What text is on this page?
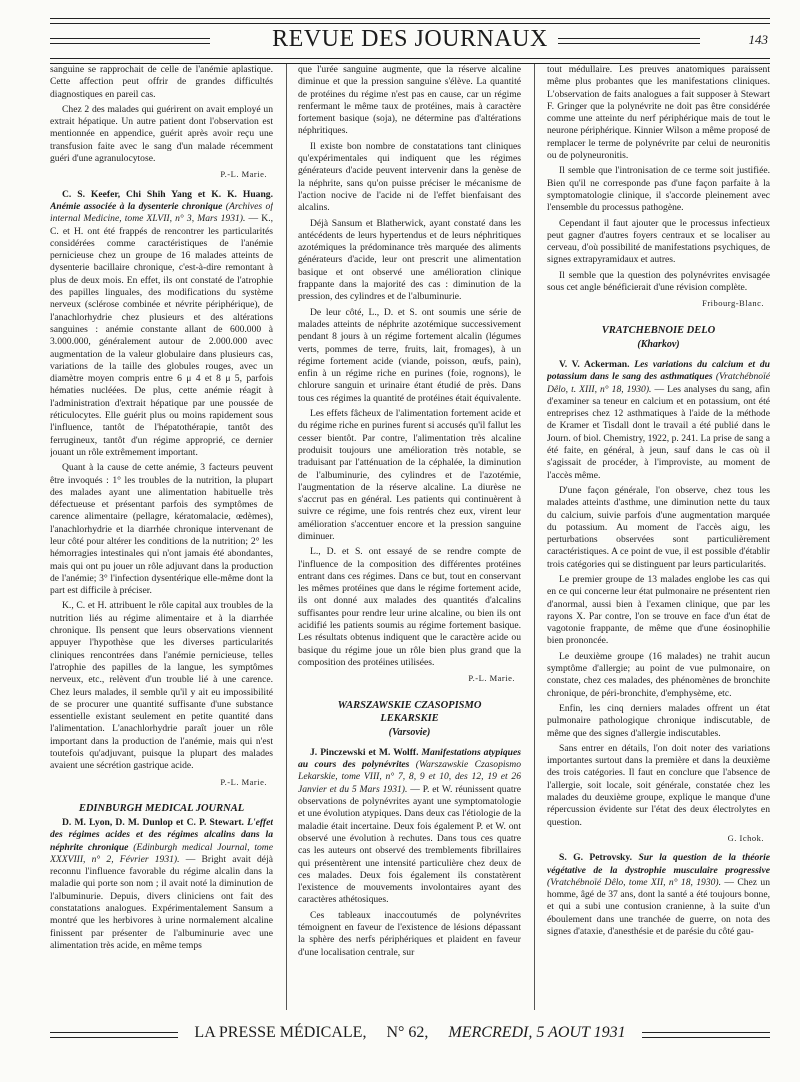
REVUE DES JOURNAUX	143

sanguine se rapprochait de celle de l'anémie aplastique. Cette affection peut offrir de grandes difficultés diagnostiques en pareil cas.

Chez 2 des malades qui guérirent on avait employé un extrait hépatique. Un autre patient dont l'observation est mentionnée en appendice, guérit après avoir reçu une transfusion faite avec le sang d'un malade récemment guéri d'une agranulocytose.

P.-L. Marie.

C. S. Keefer, Chi Shih Yang et K. K. Huang. Anémie associée à la dysenterie chronique (Archives of internal Medicine, tome XLVII, n° 3, Mars 1931). — K., C. et H. ont été frappés de rencontrer les particularités considérées comme caractéristiques de l'anémie pernicieuse chez un groupe de 16 malades atteints de dysenterie bacillaire chronique, c'est-à-dire remontant à plus de deux mois. En effet, ils ont constaté de l'atrophie des papilles linguales, des modifications du système nerveux (sclérose combinée et névrite périphérique), de l'anachlorhydrie chez plusieurs et des altérations sanguines : anémie constante allant de 600.000 à 3.000.000, généralement autour de 2.000.000 avec augmentation de la valeur globulaire dans plusieurs cas, variations de la taille des globules rouges, avec un diamètre moyen compris entre 6 μ 4 et 8 μ 5, parfois hématies nucléées. De plus, cette anémie réagit à l'administration d'extrait hépatique par une poussée de réticulocytes. Elle guérit plus ou moins rapidement sous l'influence, tantôt de l'hépatothérapie, tantôt des ferrugineux, tantôt d'un régime approprié, ce dernier jouant un rôle extrêmement important.

Quant à la cause de cette anémie, 3 facteurs peuvent être invoqués : 1° les troubles de la nutrition, la plupart des malades ayant une alimentation habituelle très défectueuse et présentant parfois des symptômes de carence alimentaire (pellagre, kératomalacie, œdèmes), l'anachlorhydrie et la diarrhée chronique intervenant de leur côté pour altérer les conditions de la nutrition; 2° les hémorragies intestinales qui n'ont jamais été abondantes, mais qui ont pu jouer un rôle adjuvant dans la production de l'anémie; 3° l'infection dysentérique elle-même dont la part est difficile à préciser.

K., C. et H. attribuent le rôle capital aux troubles de la nutrition liés au régime alimentaire et à la diarrhée chronique. Ils pensent que leurs observations viennent appuyer l'hypothèse que les diverses particularités cliniques rencontrées dans l'anémie pernicieuse, telles l'atrophie des papilles de la langue, les symptômes nerveux, etc., relèvent d'un trouble lié à une carence. Chez leurs malades, il semble qu'il y ait eu impossibilité de se procurer une quantité suffisante d'une substance essentielle existant seulement en petite quantité dans l'alimentation. L'anachlorhydrie paraît jouer un rôle important dans la production de l'anémie, mais qui n'est toutefois qu'adjuvant, puisque la plupart des malades avaient une sécrétion gastrique acide.

P.-L. Marie.
EDINBURGH MEDICAL JOURNAL

D. M. Lyon, D. M. Dunlop et C. P. Stewart. L'effet des régimes acides et des régimes alcalins dans la néphrite chronique (Edinburgh medical Journal, tome XXXVIII, n° 2, Février 1931). — Bright avait déjà reconnu l'influence favorable du régime alcalin dans la maladie qui porte son nom ; il avait noté la diminution de l'albuminurie. Depuis, divers cliniciens ont fait des constatations analogues. Expérimentalement Sansum a montré que les herbivores à urine normalement alcaline finissent par présenter de l'albuminurie avec une alimentation très acide, en même temps

que l'urée sanguine augmente, que la réserve alcaline diminue et que la pression sanguine s'élève. La quantité de protéines du régime n'est pas en cause, car un régime renfermant le même taux de protéines, mais à caractère fortement basique (soja), ne détermine pas d'altérations néphritiques.

Il existe bon nombre de constatations tant cliniques qu'expérimentales qui indiquent que les régimes générateurs d'acide peuvent intervenir dans la genèse de la néphrite, sans qu'on puisse préciser le mécanisme de l'action nocive de l'acide ni de l'effet bienfaisant des alcalins.

Déjà Sansum et Blatherwick, ayant constaté dans les antécédents de leurs hypertendus et de leurs néphritiques azotémiques la prédominance très marquée des aliments générateurs d'acide, leur ont prescrit une alimentation basique et ont observé une amélioration clinique frappante dans la majorité des cas : diminution de la pression, des cylindres et de l'albuminurie.

De leur côté, L., D. et S. ont soumis une série de malades atteints de néphrite azotémique successivement pendant 8 jours à un régime fortement alcalin (légumes verts, pommes de terre, fruits, lait, fromages), à un régime fortement acide (viande, poisson, œufs, pain), enfin à un régime riche en purines (foie, rognons), le chlorure sanguin et urinaire étant étudié de près. Dans tous ces régimes la quantité de protéines était équivalente.

Les effets fâcheux de l'alimentation fortement acide et du régime riche en purines furent si accusés qu'il fallut les cesser bientôt. Par contre, l'alimentation très alcaline produisit toujours une amélioration très notable, se traduisant par l'atténuation de la céphalée, la diminution de l'albuminurie, des cylindres et de l'azotémie, l'augmentation de la réserve alcaline. La diurèse ne s'accrut pas en général. Les patients qui continuèrent à suivre ce régime, une fois rentrés chez eux, virent leur amélioration s'accentuer encore et la pression sanguine diminuer.

L., D. et S. ont essayé de se rendre compte de l'influence de la composition des différentes protéines entrant dans ces régimes. Dans ce but, tout en conservant les mêmes protéines que dans le régime fortement acide, ils ont donné aux malades des quantités d'alcalins suffisantes pour rendre leur urine alcaline, ou bien ils ont acidifié les patients soumis au régime fortement basique. Les résultats obtenus indiquent que le caractère acide ou basique du régime joue un rôle bien plus grand que la composition des protéines utilisées.

P.-L. Marie.
WARSZAWSKIE CZASOPISMO
LEKARSKIE
(Varsovie)

J. Pinczewski et M. Wolff. Manifestations atypiques au cours des polynévrites (Warszawskie Czasopismo Lekarskie, tome VIII, n° 7, 8, 9 et 10, des 12, 19 et 26 Janvier et du 5 Mars 1931). — P. et W. réunissent quatre observations de polynévrites ayant une symptomatologie et une évolution atypiques. Dans deux cas l'étiologie de la maladie était incertaine. Deux fois également P. et W. ont observé une évolution à rechutes. Dans tous ces quatre cas les auteurs ont observé des tremblements fibrillaires qui présentèrent une intensité particulière chez deux de ces malades. Deux fois également ils constatèrent l'existence de mouvements involontaires ayant des caractères athétosiques.

Ces tableaux inaccoutumés de polynévrites témoignent en faveur de l'existence de lésions dépassant la sphère des nerfs périphériques et plaident en faveur d'une localisation centrale, sur

tout médullaire. Les preuves anatomiques paraissent même plus probantes que les manifestations cliniques. L'observation de faits analogues a fait supposer à Stewart F. Gringer que la polynévrite ne doit pas être considérée comme une atteinte du nerf périphérique mais de tout le neurone périphérique. Kinnier Wilson a même proposé de remplacer le terme de polynévrite par celui de neuronitis ou de polyneuronitis.

Il semble que l'intronisation de ce terme soit justifiée. Bien qu'il ne corresponde pas d'une façon parfaite à la symptomatologie clinique, il s'accorde pleinement avec l'ensemble du processus pathogène.

Cependant il faut ajouter que le processus infectieux peut gagner d'autres foyers centraux et se localiser au cerveau, d'où possibilité de manifestations psychiques, de signes extrapyramidaux et autres.

Il semble que la question des polynévrites envisagée sous cet angle bénéficierait d'une révision complète.

Fribourg-Blanc.
VRATCHEBNOIE DELO
(Kharkov)

V. V. Ackerman. Les variations du calcium et du potassium dans le sang des asthmatiques (Vratchébnoïé Dêlo, t. XIII, n° 18, 1930). — Les analyses du sang, afin d'examiner sa teneur en calcium et en potassium, ont été entreprises chez 12 asthmatiques à l'aide de la méthode de Kramer et Tisdall dont le travail a été publié dans le Journ. of biol. Chemistry, 1922, p. 241. La prise de sang a été faite, en général, à jeun, sauf dans le cas où il s'agissait de procéder, à l'improviste, au moment de l'accès même.

D'une façon générale, l'on observe, chez tous les malades atteints d'asthme, une diminution nette du taux du calcium, suivie parfois d'une augmentation marquée du potassium. Au moment de l'accès aigu, les perturbations observées sont particulièrement caractéristiques. A ce point de vue, il est possible d'établir trois catégories qui se distinguent par leurs particularités.

Le premier groupe de 13 malades englobe les cas qui en ce qui concerne leur état pulmonaire ne présentent rien d'anormal, aussi bien à l'examen clinique, que par les rayons X. Par contre, l'on se trouve en face d'un état de vagotonie frappante, de même que d'une éosinophilie bien prononcée.

Le deuxième groupe (16 malades) ne trahit aucun symptôme d'allergie; au point de vue pulmonaire, on constate, chez ces malades, des phénomènes de bronchite chronique, de péri-bronchite, d'emphysème, etc.

Enfin, les cinq derniers malades offrent un état pulmonaire pathologique chronique indiscutable, de même que des signes d'allergie indiscutables.

Sans entrer en détails, l'on doit noter des variations importantes surtout dans la première et dans la deuxième des trois catégories. Il faut en conclure que l'absence de l'allergie, soit locale, soit générale, constatée chez les malades du deuxième groupe, explique le manque d'une répercussion évidente sur l'état des deux électrolytes en question.

G. Ichok.

S. G. Petrovsky. Sur la question de la théorie végétative de la dystrophie musculaire progressive (Vratchébnoïé Dêlo, tome XII, n° 18, 1930). — Chez un homme, âgé de 37 ans, dont la santé a été toujours bonne, et qui a subi une contusion cranienne, à la suite d'un éboulement dans une tranchée de guerre, on nota des signes d'ataxie, d'anesthésie et de parésie du côté gau-

LA PRESSE MÉDICALE, N° 62, MERCREDI, 5 AOUT 1931
